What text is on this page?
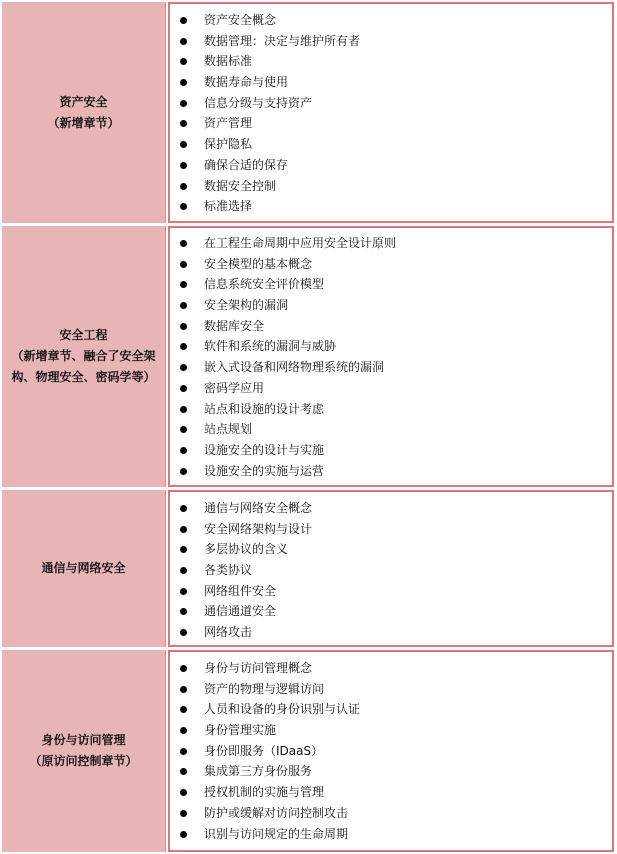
资产安全
（新增章节）
资产安全概念
数据管理：决定与维护所有者
数据标准
数据寿命与使用
信息分级与支持资产
资产管理
保护隐私
确保合适的保存
数据安全控制
标准选择
安全工程
（新增章节、融合了安全架
构、物理安全、密码学等）
在工程生命周期中应用安全设计原则
安全模型的基本概念
信息系统安全评价模型
安全架构的漏洞
数据库安全
软件和系统的漏洞与威胁
嵌入式设备和网络物理系统的漏洞
密码学应用
站点和设施的设计考虑
站点规划
设施安全的设计与实施
设施安全的实施与运营
通信与网络安全
通信与网络安全概念
安全网络架构与设计
多层协议的含义
各类协议
网络组件安全
通信通道安全
网络攻击
身份与访问管理
（原访问控制章节）
身份与访问管理概念
资产的物理与逻辑访问
人员和设备的身份识别与认证
身份管理实施
身份即服务（IDaaS）
集成第三方身份服务
授权机制的实施与管理
防护或缓解对访问控制攻击
识别与访问规定的生命周期
